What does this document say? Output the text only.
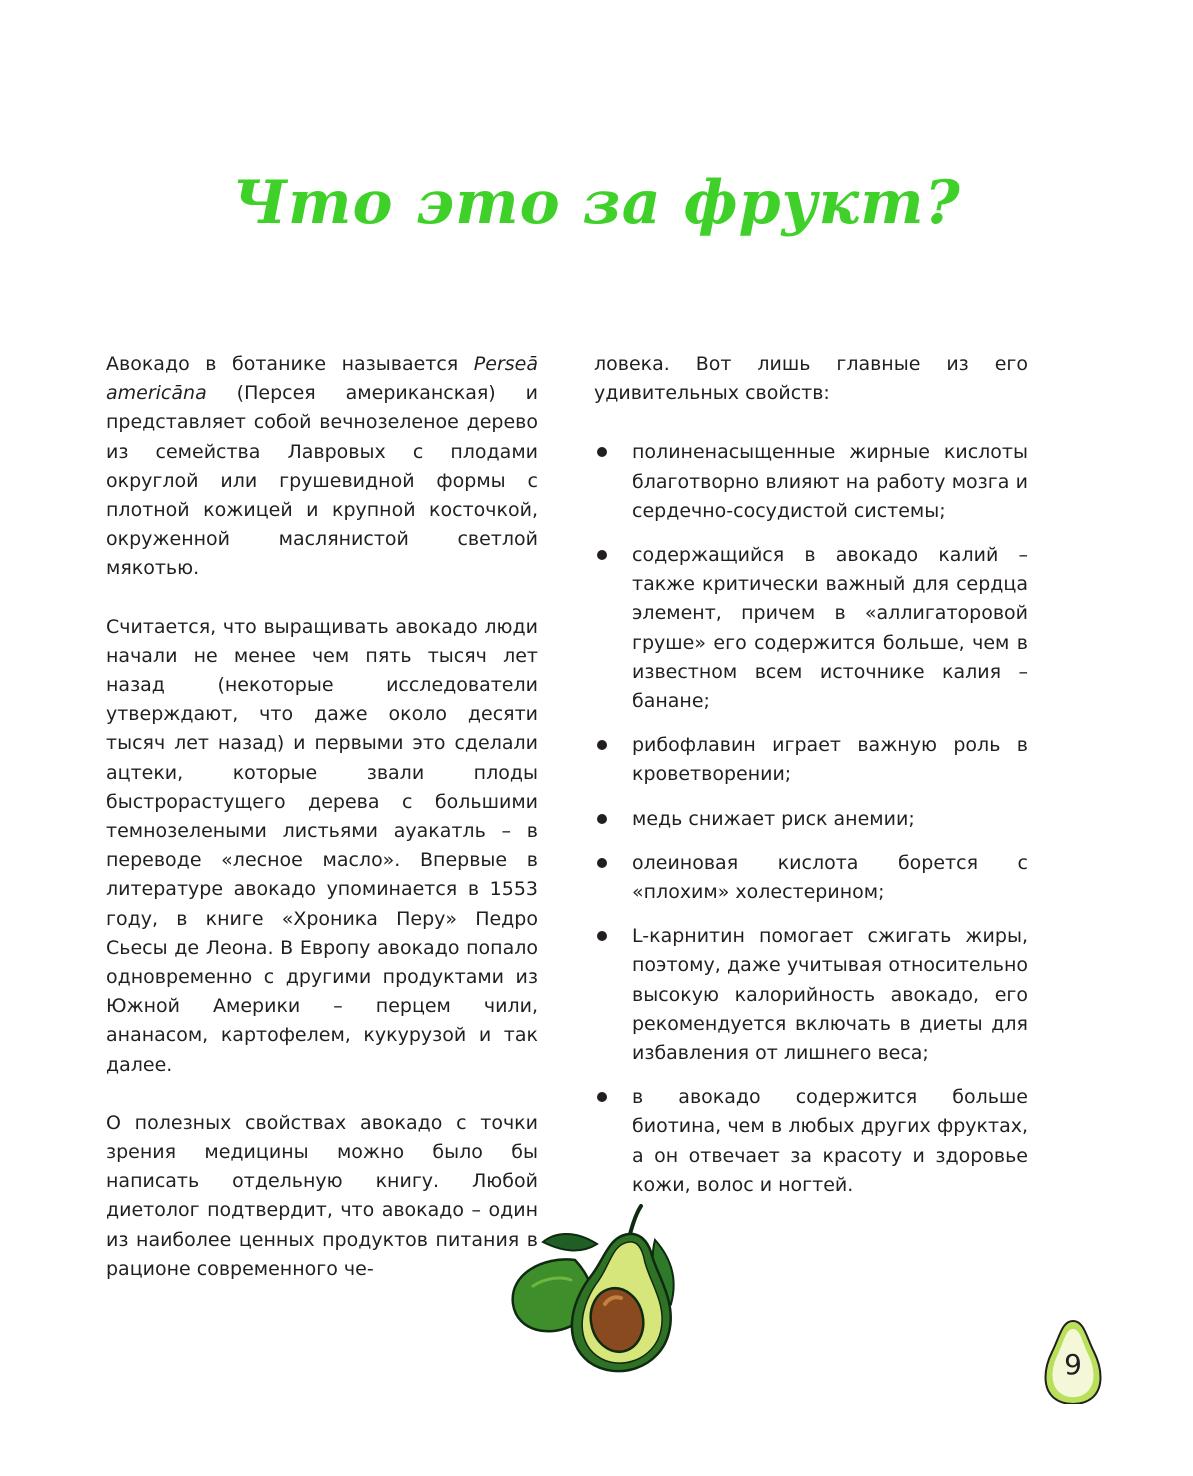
Что это за фрукт?

Авокадо в ботанике называется Perseā americāna (Персея американская) и представляет собой вечнозеленое дерево из семейства Лавровых с плодами округлой или грушевидной формы с плотной кожицей и крупной косточкой, окруженной маслянистой светлой мякотью.

Считается, что выращивать авокадо люди начали не менее чем пять тысяч лет назад (некоторые исследователи утверждают, что даже около десяти тысяч лет назад) и первыми это сделали ацтеки, которые звали плоды быстрорастущего дерева с большими темнозелеными листьями ауакатль – в переводе «лесное масло». Впервые в литературе авокадо упоминается в 1553 году, в книге «Хроника Перу» Педро Сьесы де Леона. В Европу авокадо попало одновременно с другими продуктами из Южной Америки – перцем чили, ананасом, картофелем, кукурузой и так далее.

О полезных свойствах авокадо с точки зрения медицины можно было бы написать отдельную книгу. Любой диетолог подтвердит, что авокадо – один из наиболее ценных продуктов питания в рационе современного че-

ловека. Вот лишь главные из его удивительных свойств:

полиненасыщенные жирные кислоты благотворно влияют на работу мозга и сердечно-сосудистой системы;
содержащийся в авокадо калий – также критически важный для сердца элемент, причем в «аллигаторовой груше» его содержится больше, чем в известном всем источнике калия – банане;
рибофлавин играет важную роль в кроветворении;
медь снижает риск анемии;
олеиновая кислота борется с «плохим» холестерином;
L-карнитин помогает сжигать жиры, поэтому, даже учитывая относительно высокую калорийность авокадо, его рекомендуется включать в диеты для избавления от лишнего веса;
в авокадо содержится больше биотина, чем в любых других фруктах, а он отвечает за красоту и здоровье кожи, волос и ногтей.
9
